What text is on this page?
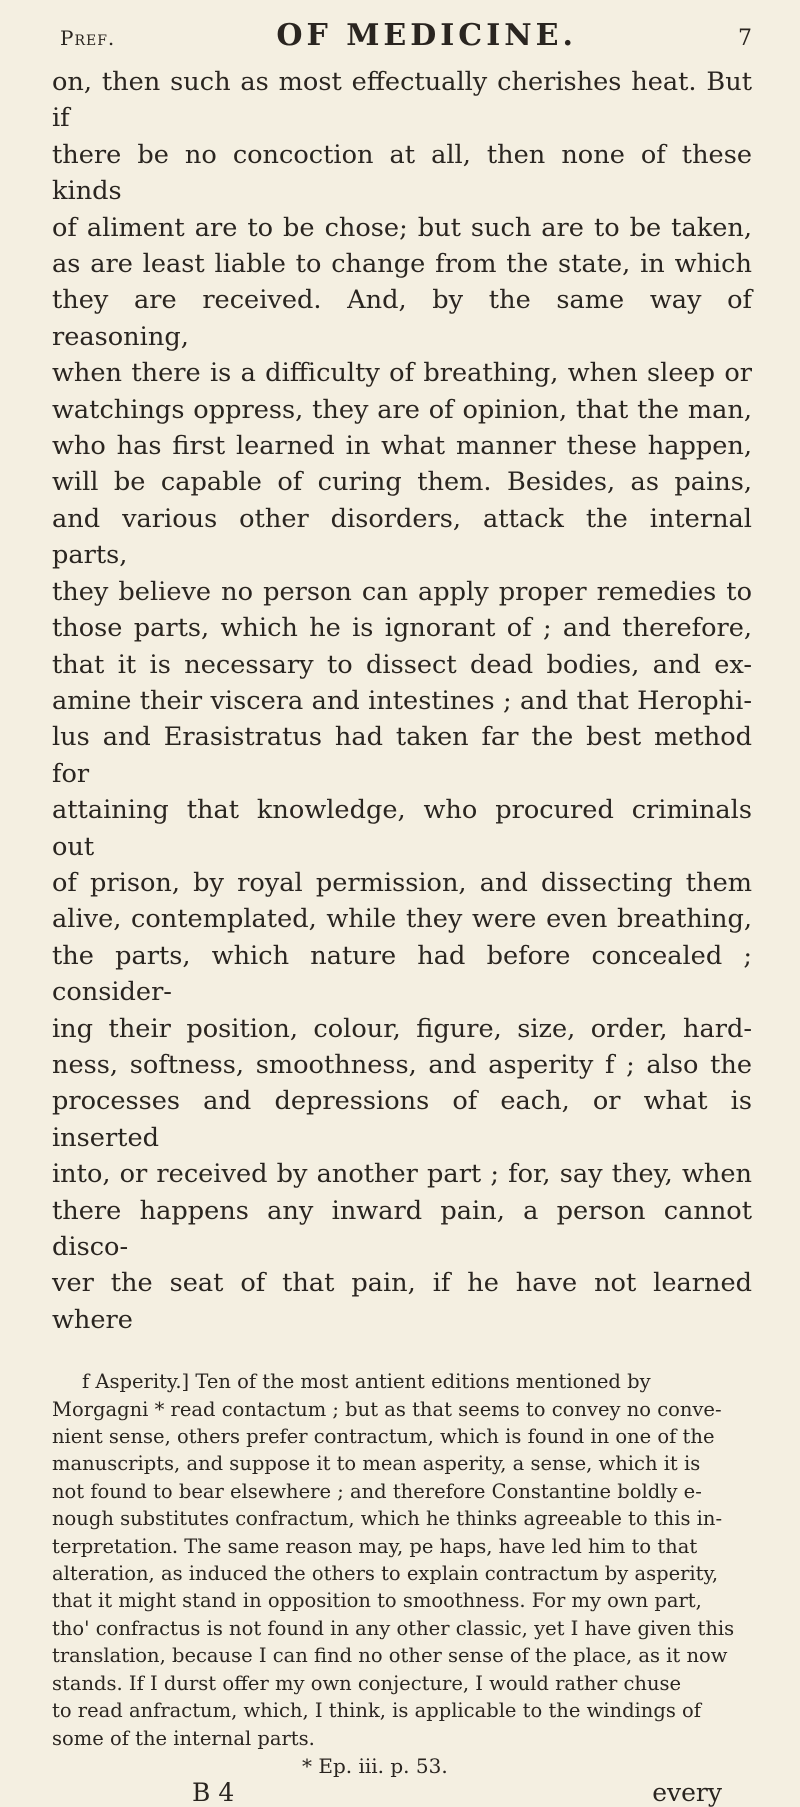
Pref.	OF MEDICINE.	7

on, then such as most effectually cherishes heat. But if

there be no concoction at all, then none of these kinds

of aliment are to be chose; but such are to be taken,

as are least liable to change from the state, in which

they are received. And, by the same way of reasoning,

when there is a difficulty of breathing, when sleep or

watchings oppress, they are of opinion, that the man,

who has first learned in what manner these happen,

will be capable of curing them. Besides, as pains,

and various other disorders, attack the internal parts,

they believe no person can apply proper remedies to

those parts, which he is ignorant of ; and therefore,

that it is necessary to dissect dead bodies, and ex-

amine their viscera and intestines ; and that Herophi-

lus and Erasistratus had taken far the best method for

attaining that knowledge, who procured criminals out

of prison, by royal permission, and dissecting them

alive, contemplated, while they were even breathing,

the parts, which nature had before concealed ; consider-

ing their position, colour, figure, size, order, hard-

ness, softness, smoothness, and asperity f ; also the

processes and depressions of each, or what is inserted

into, or received by another part ; for, say they, when

there happens any inward pain, a person cannot disco-

ver the seat of that pain, if he have not learned where

f Asperity.] Ten of the most antient editions mentioned by

Morgagni * read contactum ; but as that seems to convey no conve-

nient sense, others prefer contractum, which is found in one of the

manuscripts, and suppose it to mean asperity, a sense, which it is

not found to bear elsewhere ; and therefore Constantine boldly e-

nough substitutes confractum, which he thinks agreeable to this in-

terpretation. The same reason may, pe haps, have led him to that

alteration, as induced the others to explain contractum by asperity,

that it might stand in opposition to smoothness. For my own part,

tho' confractus is not found in any other classic, yet I have given this

translation, because I can find no other sense of the place, as it now

stands. If I durst offer my own conjecture, I would rather chuse

to read anfractum, which, I think, is applicable to the windings of

some of the internal parts.

* Ep. iii. p. 53.
B 4	every
